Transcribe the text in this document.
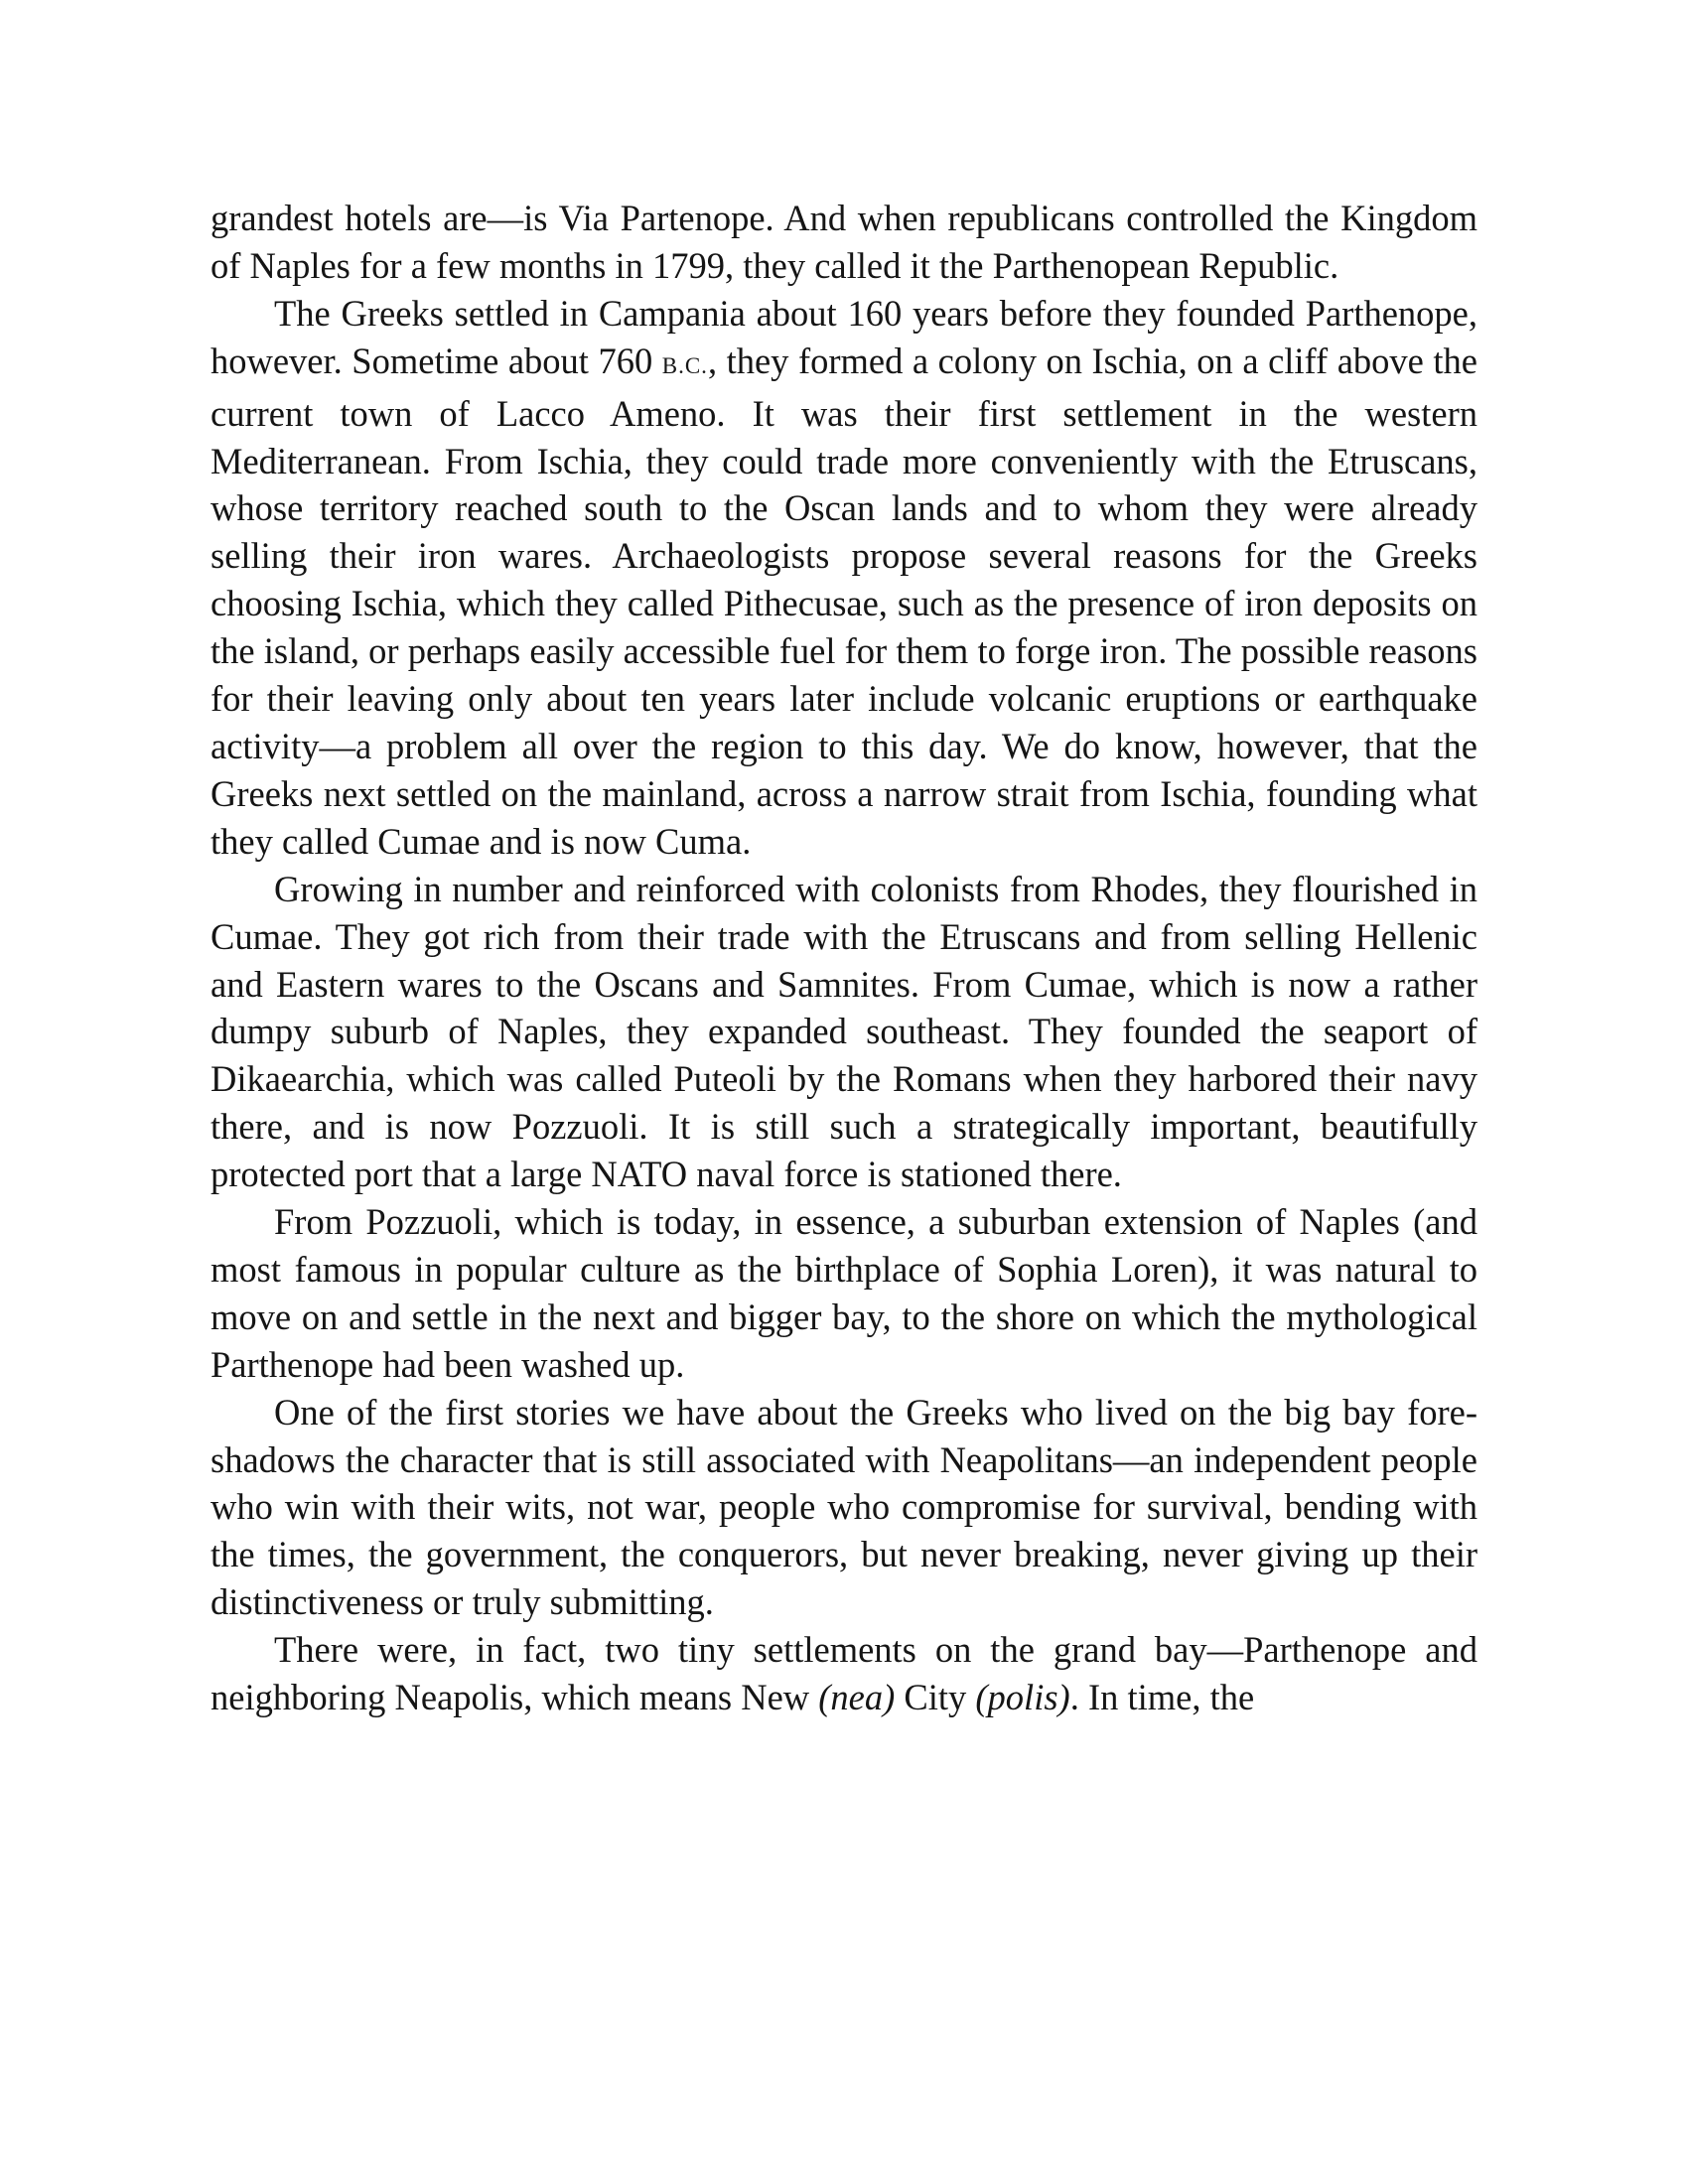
grandest hotels are—is Via Partenope. And when republicans controlled the Kingdom of Naples for a few months in 1799, they called it the Parthenopean Republic.

The Greeks settled in Campania about 160 years before they founded Parthenope, however. Sometime about 760 B.C., they formed a colony on Ischia, on a cliff above the current town of Lacco Ameno. It was their first settlement in the western Mediterranean. From Ischia, they could trade more conveniently with the Etruscans, whose territory reached south to the Oscan lands and to whom they were already selling their iron wares. Archaeologists propose several reasons for the Greeks choosing Ischia, which they called Pithecusae, such as the presence of iron deposits on the island, or perhaps easily accessible fuel for them to forge iron. The possible reasons for their leaving only about ten years later include volcanic eruptions or earthquake activity—a problem all over the region to this day. We do know, however, that the Greeks next settled on the mainland, across a narrow strait from Ischia, founding what they called Cumae and is now Cuma.

Growing in number and reinforced with colonists from Rhodes, they flourished in Cumae. They got rich from their trade with the Etruscans and from selling Hellenic and Eastern wares to the Oscans and Samnites. From Cumae, which is now a rather dumpy suburb of Naples, they expanded southeast. They founded the seaport of Dikaearchia, which was called Puteoli by the Romans when they harbored their navy there, and is now Pozzuoli. It is still such a strategically important, beautifully protected port that a large NATO naval force is stationed there.

From Pozzuoli, which is today, in essence, a suburban extension of Naples (and most famous in popular culture as the birthplace of Sophia Loren), it was natural to move on and settle in the next and bigger bay, to the shore on which the mythological Parthenope had been washed up.

One of the first stories we have about the Greeks who lived on the big bay fore-shadows the character that is still associated with Neapolitans—an independent people who win with their wits, not war, people who compromise for survival, bending with the times, the government, the conquerors, but never breaking, never giving up their distinctiveness or truly submitting.

There were, in fact, two tiny settlements on the grand bay—Parthenope and neighboring Neapolis, which means New (nea) City (polis). In time, the
